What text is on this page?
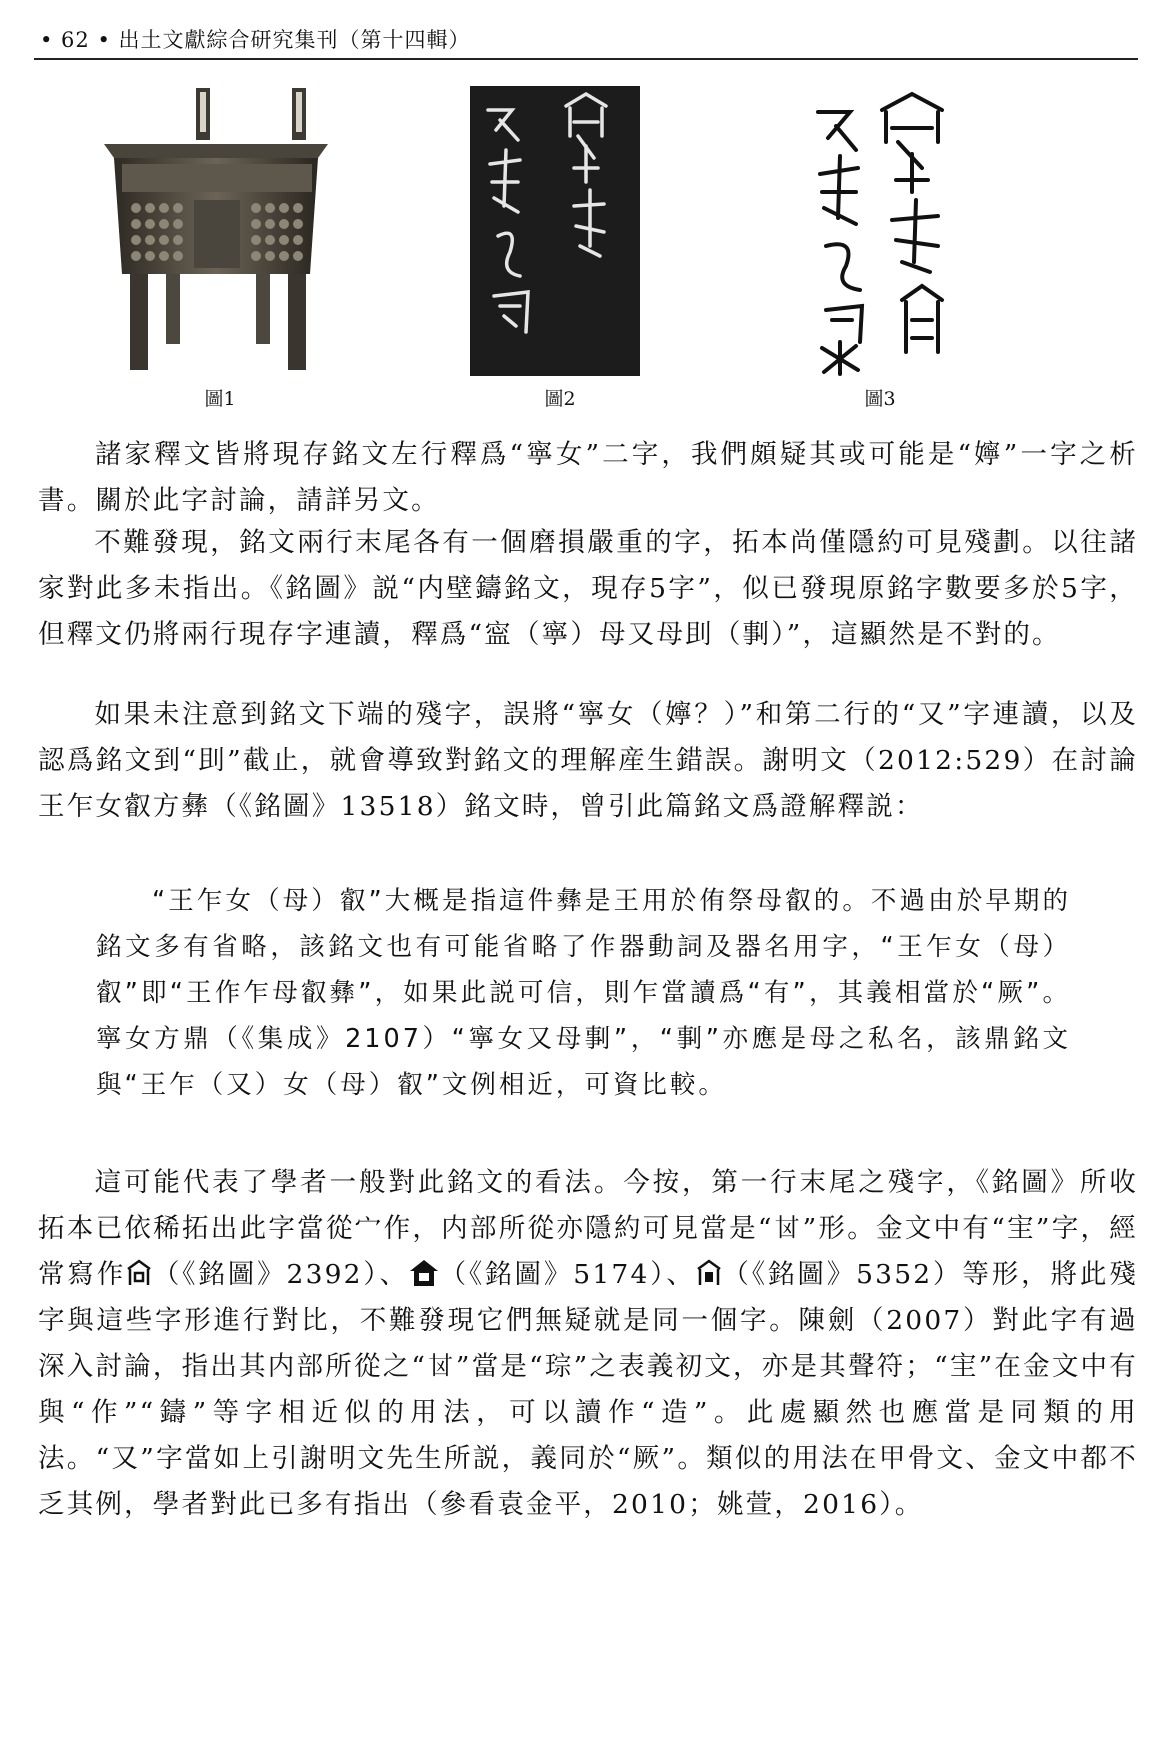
• 62 • 出土文獻綜合研究集刊（第十四輯）
圖1	圖2	圖3

諸家釋文皆將現存銘文左行釋爲“寧女”二字，我們頗疑其或可能是“嬣”一字之析書。關於此字討論，請詳另文。

不難發現，銘文兩行末尾各有一個磨損嚴重的字，拓本尚僅隱約可見殘劃。以往諸家對此多未指出。《銘圖》説“内壁鑄銘文，現存5字”，似已發現原銘字數要多於5字，但釋文仍將兩行現存字連讀，釋爲“寍（寧）母又母刞（剚）”，這顯然是不對的。

如果未注意到銘文下端的殘字，誤將“寧女（嬣？）”和第二行的“又”字連讀，以及認爲銘文到“刞”截止，就會導致對銘文的理解産生錯誤。謝明文（2012:529）在討論王乍女叡方彝（《銘圖》13518）銘文時，曾引此篇銘文爲證解釋説：

“王乍女（母）叡”大概是指這件彝是王用於侑祭母叡的。不過由於早期的銘文多有省略，該銘文也有可能省略了作器動詞及器名用字，“王乍女（母）叡”即“王作乍母叡彝”，如果此説可信，則乍當讀爲“有”，其義相當於“厥”。寧女方鼎（《集成》2107）“寧女又母剚”，“剚”亦應是母之私名，該鼎銘文與“王乍（又）女（母）叡”文例相近，可資比較。

這可能代表了學者一般對此銘文的看法。今按，第一行末尾之殘字，《銘圖》所收拓本已依稀拓出此字當從宀作，内部所從亦隱約可見當是“𠀠”形。金文中有“宔”字，經常寫作 （《銘圖》2392）、 （《銘圖》5174）、 （《銘圖》5352）等形，將此殘字與這些字形進行對比，不難發現它們無疑就是同一個字。陳劍（2007）對此字有過深入討論，指出其内部所從之“𠀠”當是“琮”之表義初文，亦是其聲符；“宔”在金文中有與“作”“鑄”等字相近似的用法，可以讀作“造”。此處顯然也應當是同類的用法。“又”字當如上引謝明文先生所説，義同於“厥”。類似的用法在甲骨文、金文中都不乏其例，學者對此已多有指出（參看袁金平，2010；姚萱，2016）。
